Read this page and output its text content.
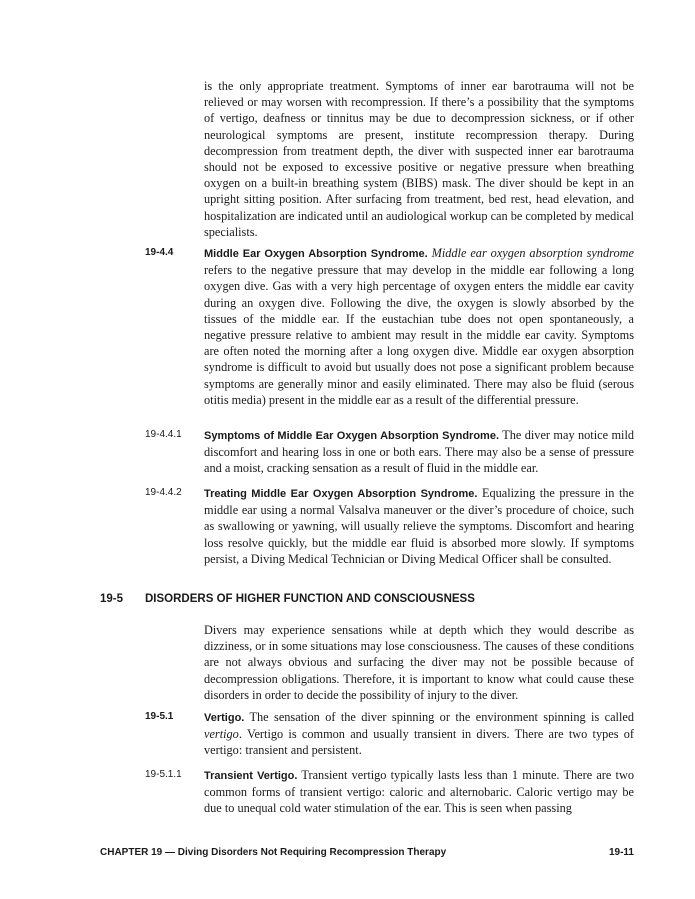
is the only appropriate treatment. Symptoms of inner ear barotrauma will not be relieved or may worsen with recompression. If there’s a possibility that the symptoms of vertigo, deafness or tinnitus may be due to decompression sickness, or if other neurological symptoms are present, institute recompression therapy. During decompression from treatment depth, the diver with suspected inner ear barotrauma should not be exposed to excessive positive or negative pressure when breathing oxygen on a built-in breathing system (BIBS) mask. The diver should be kept in an upright sitting position. After surfacing from treatment, bed rest, head elevation, and hospitalization are indicated until an audiological workup can be completed by medical specialists.

19-4.4	Middle Ear Oxygen Absorption Syndrome. Middle ear oxygen absorption syndrome refers to the negative pressure that may develop in the middle ear following a long oxygen dive. Gas with a very high percentage of oxygen enters the middle ear cavity during an oxygen dive. Following the dive, the oxygen is slowly absorbed by the tissues of the middle ear. If the eustachian tube does not open spontaneously, a negative pressure relative to ambient may result in the middle ear cavity. Symptoms are often noted the morning after a long oxygen dive. Middle ear oxygen absorption syndrome is difficult to avoid but usually does not pose a significant problem because symptoms are generally minor and easily eliminated. There may also be fluid (serous otitis media) present in the middle ear as a result of the differential pressure.

19-4.4.1 Symptoms of Middle Ear Oxygen Absorption Syndrome. The diver may notice mild discomfort and hearing loss in one or both ears. There may also be a sense of pressure and a moist, cracking sensation as a result of fluid in the middle ear.

19-4.4.2 Treating Middle Ear Oxygen Absorption Syndrome. Equalizing the pressure in the middle ear using a normal Valsalva maneuver or the diver’s procedure of choice, such as swallowing or yawning, will usually relieve the symptoms. Discomfort and hearing loss resolve quickly, but the middle ear fluid is absorbed more slowly. If symptoms persist, a Diving Medical Technician or Diving Medical Officer shall be consulted.

19-5 DISORDERS OF HIGHER FUNCTION AND CONSCIOUSNESS

Divers may experience sensations while at depth which they would describe as dizziness, or in some situations may lose consciousness. The causes of these conditions are not always obvious and surfacing the diver may not be possible because of decompression obligations. Therefore, it is important to know what could cause these disorders in order to decide the possibility of injury to the diver.

19-5.1	Vertigo. The sensation of the diver spinning or the environment spinning is called vertigo. Vertigo is common and usually transient in divers. There are two types of vertigo: transient and persistent.

19-5.1.1 Transient Vertigo. Transient vertigo typically lasts less than 1 minute. There are two common forms of transient vertigo: caloric and alternobaric. Caloric vertigo may be due to unequal cold water stimulation of the ear. This is seen when passing

CHAPTER 19 — Diving Disorders Not Requiring Recompression Therapy	19-11
